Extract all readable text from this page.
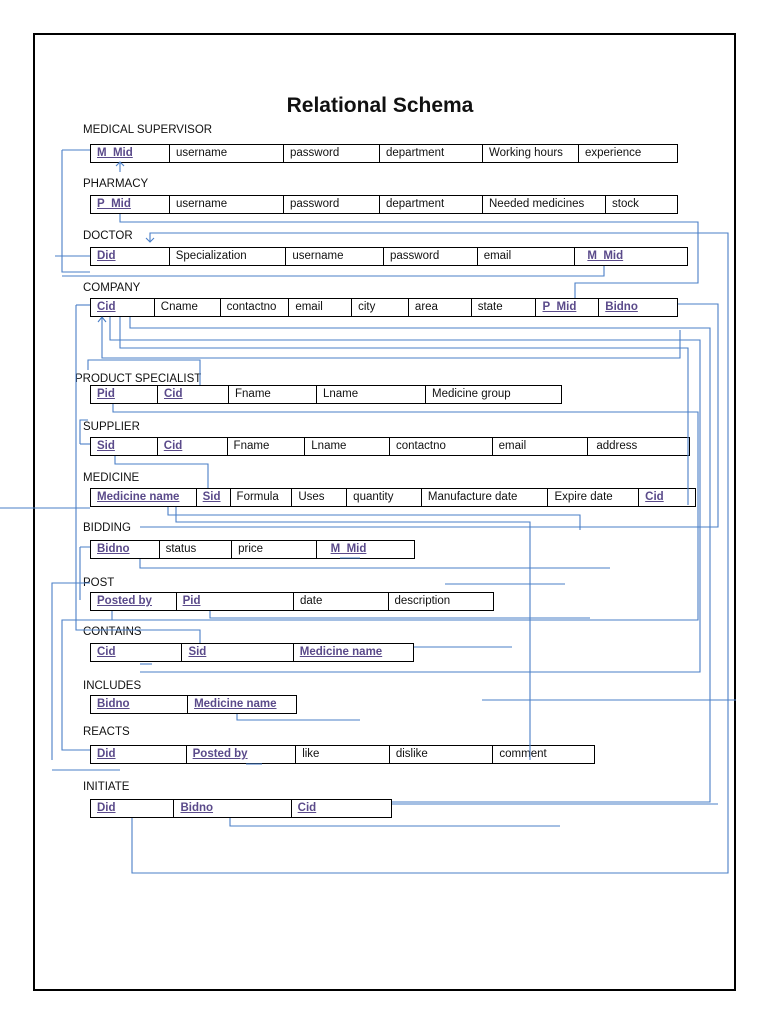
Relational Schema
MEDICAL SUPERVISOR
M_Mid	username	password	department	Working hours	experience
PHARMACY
P_Mid	username	password	department	Needed medicines	stock
DOCTOR
Did	Specialization	username	password	email	M_Mid
COMPANY
Cid	Cname	contactno	email	city	area	state	P_Mid	Bidno
PRODUCT SPECIALIST
Pid	Cid	Fname	Lname	Medicine group
SUPPLIER
Sid	Cid	Fname	Lname	contactno	email	address
MEDICINE
Medicine name	Sid	Formula	Uses	quantity	Manufacture date	Expire date	Cid
BIDDING
Bidno	status	price	M_Mid
POST
Posted by	Pid	date	description
CONTAINS
Cid	Sid	Medicine name
INCLUDES
Bidno	Medicine name
REACTS
Did	Posted by	like	dislike	comment
INITIATE
Did	Bidno	Cid
